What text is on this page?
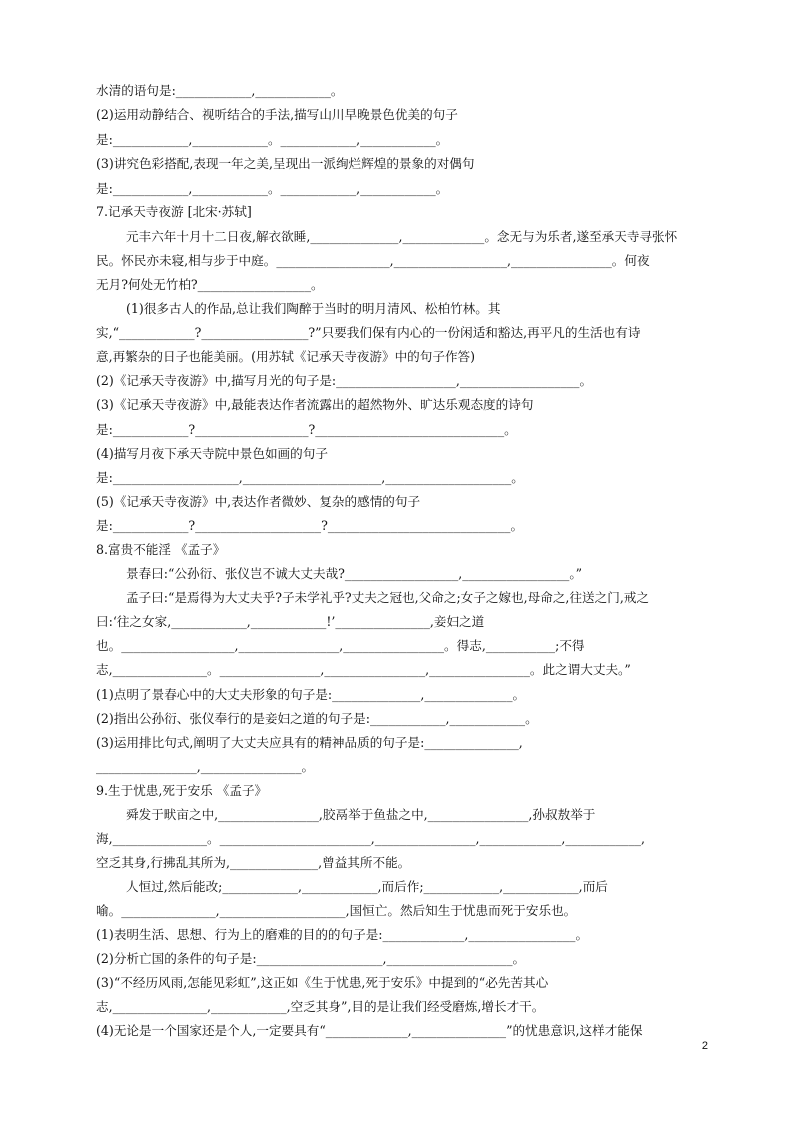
水清的语句是:____________,____________。
(2)运用动静结合、视听结合的手法,描写山川早晚景色优美的句子
是:____________,____________。____________,____________。
(3)讲究色彩搭配,表现一年之美,呈现出一派绚烂辉煌的景象的对偶句
是:____________,____________。____________,____________。
7.记承天寺夜游 [北宋·苏轼]
元丰六年十月十二日夜,解衣欲睡,______________,_____________。念无与为乐者,遂至承天寺寻张怀
民。怀民亦未寝,相与步于中庭。__________________,__________________,________________。何夜
无月?何处无竹柏?__________________。
(1)很多古人的作品,总让我们陶醉于当时的明月清风、松柏竹林。其
实,“____________?_________________?”只要我们保有内心的一份闲适和豁达,再平凡的生活也有诗
意,再繁杂的日子也能美丽。(用苏轼《记承天寺夜游》中的句子作答)
(2)《记承天寺夜游》中,描写月光的句子是:___________________,___________________。
(3)《记承天寺夜游》中,最能表达作者流露出的超然物外、旷达乐观态度的诗句
是:____________?__________________?______________________________。
(4)描写月夜下承天寺院中景色如画的句子
是:____________________,______________________,____________________。
(5)《记承天寺夜游》中,表达作者微妙、复杂的感情的句子
是:____________?____________________?_____________________________。
8.富贵不能淫 《孟子》
景春曰:“公孙衍、张仪岂不诚大丈夫哉?__________________,_________________。”
孟子曰:“是焉得为大丈夫乎?子未学礼乎?丈夫之冠也,父命之;女子之嫁也,母命之,往送之门,戒之
曰:‘往之女家,____________,____________!’_______________,妾妇之道
也。__________________,________________,________________。得志,___________;不得
志,_______________。________________,________________,________________。此之谓大丈夫。”
(1)点明了景春心中的大丈夫形象的句子是:______________,______________。
(2)指出公孙衍、张仪奉行的是妾妇之道的句子是:____________,____________。
(3)运用排比句式,阐明了大丈夫应具有的精神品质的句子是:_______________,
________________,________________。
9.生于忧患,死于安乐 《孟子》
舜发于畎亩之中,________________,胶鬲举于鱼盐之中,________________,孙叔敖举于
海,_______________。________________________,________________,_____________,____________,
空乏其身,行拂乱其所为,______________,曾益其所不能。
人恒过,然后能改;____________,____________,而后作;____________,____________,而后
喻。_______________,____________________,国恒亡。然后知生于忧患而死于安乐也。
(1)表明生活、思想、行为上的磨难的目的的句子是:_____________,_________________。
(2)分析亡国的条件的句子是:____________________,____________________。
(3)“不经历风雨,怎能见彩虹”,这正如《生于忧患,死于安乐》中提到的“必先苦其心
志,_______________,____________,空乏其身”,目的是让我们经受磨炼,增长才干。
(4)无论是一个国家还是个人,一定要具有“_____________,_______________”的忧患意识,这样才能保
2
